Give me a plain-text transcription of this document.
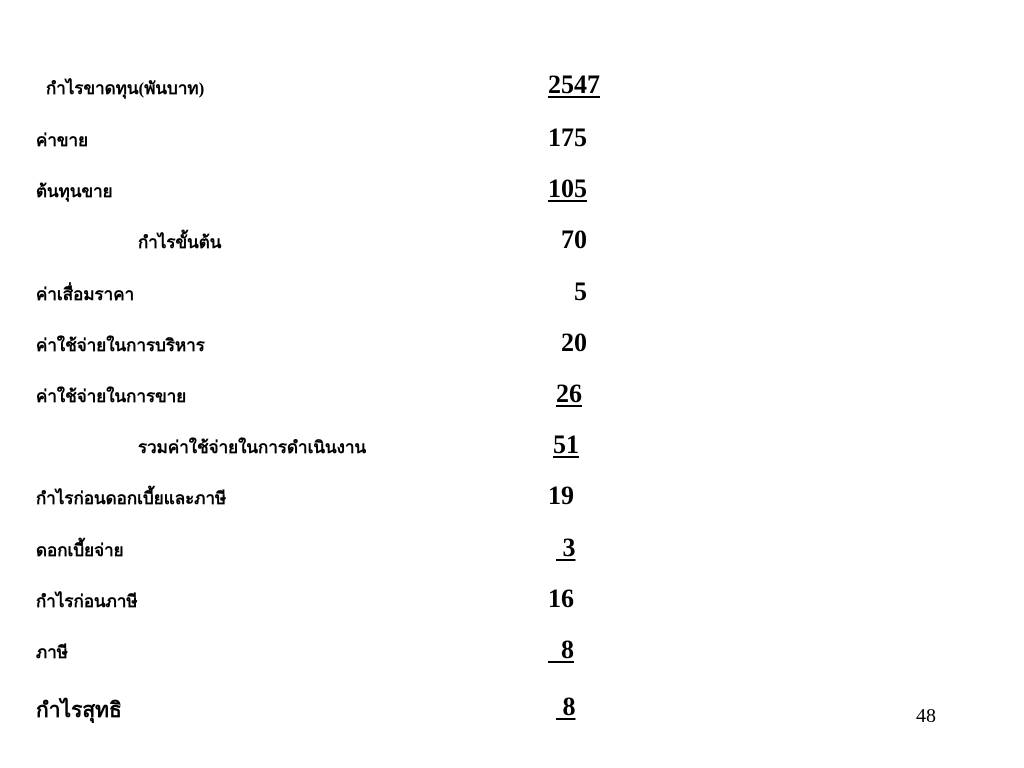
กำไรขาดทุน(พันบาท)	2547
ค่าขาย	175
ต้นทุนขาย	105
กำไรขั้นต้น	70
ค่าเสื่อมราคา	5
ค่าใช้จ่ายในการบริหาร	20
ค่าใช้จ่ายในการขาย	26
รวมค่าใช้จ่ายในการดำเนินงาน	51
กำไรก่อนดอกเบี้ยและภาษี	19
ดอกเบี้ยจ่าย	3
กำไรก่อนภาษี	16
ภาษี	8
กำไรสุทธิ	8	48
